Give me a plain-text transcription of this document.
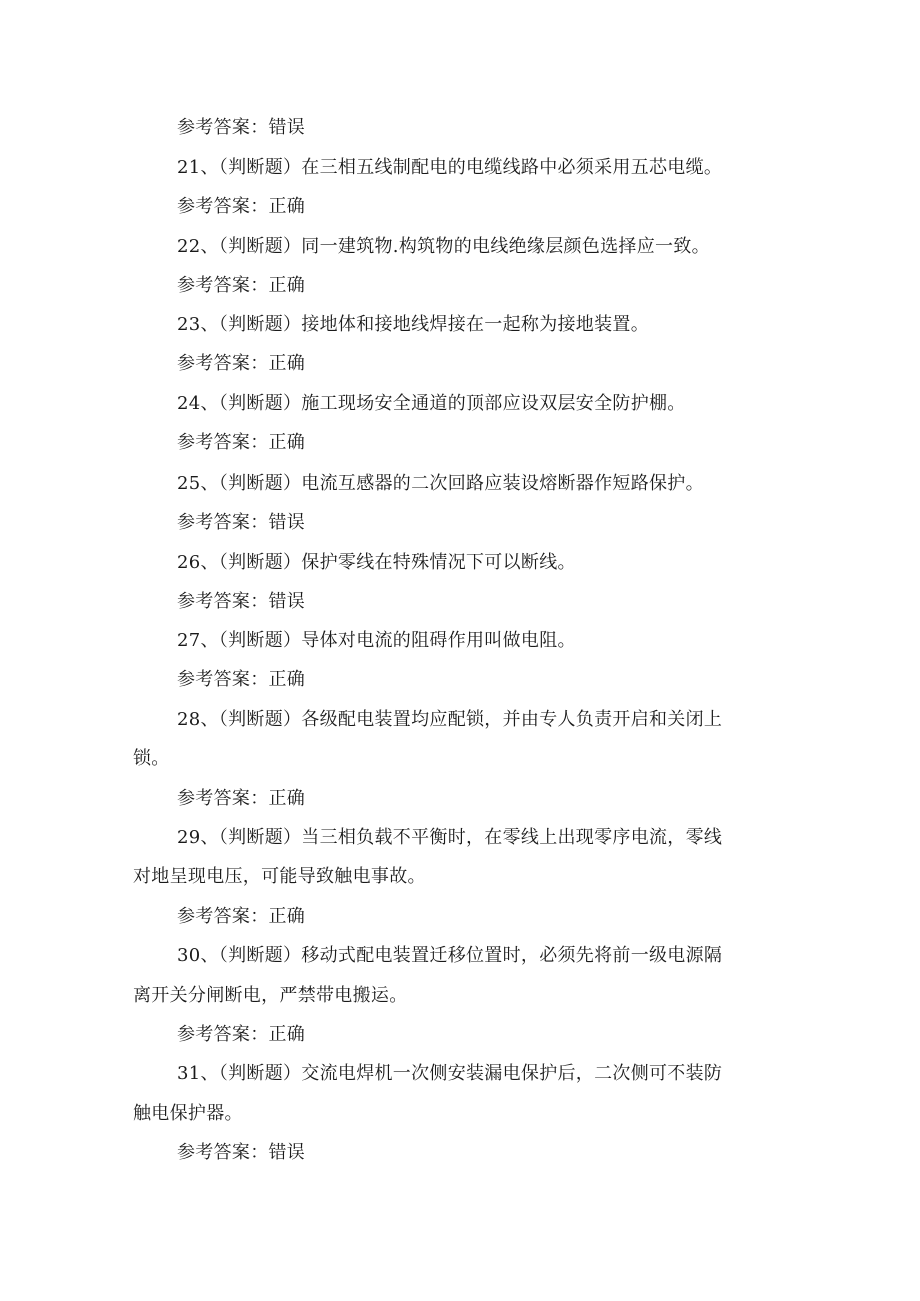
参考答案：错误
21、（判断题）在三相五线制配电的电缆线路中必须采用五芯电缆。
参考答案：正确
22、（判断题）同一建筑物.构筑物的电线绝缘层颜色选择应一致。
参考答案：正确
23、（判断题）接地体和接地线焊接在一起称为接地装置。
参考答案：正确
24、（判断题）施工现场安全通道的顶部应设双层安全防护棚。
参考答案：正确
25、（判断题）电流互感器的二次回路应装设熔断器作短路保护。
参考答案：错误
26、（判断题）保护零线在特殊情况下可以断线。
参考答案：错误
27、（判断题）导体对电流的阻碍作用叫做电阻。
参考答案：正确
28、（判断题）各级配电装置均应配锁，并由专人负责开启和关闭上
锁。
参考答案：正确
29、（判断题）当三相负载不平衡时，在零线上出现零序电流，零线
对地呈现电压，可能导致触电事故。
参考答案：正确
30、（判断题）移动式配电装置迁移位置时，必须先将前一级电源隔
离开关分闸断电，严禁带电搬运。
参考答案：正确
31、（判断题）交流电焊机一次侧安装漏电保护后，二次侧可不装防
触电保护器。
参考答案：错误
